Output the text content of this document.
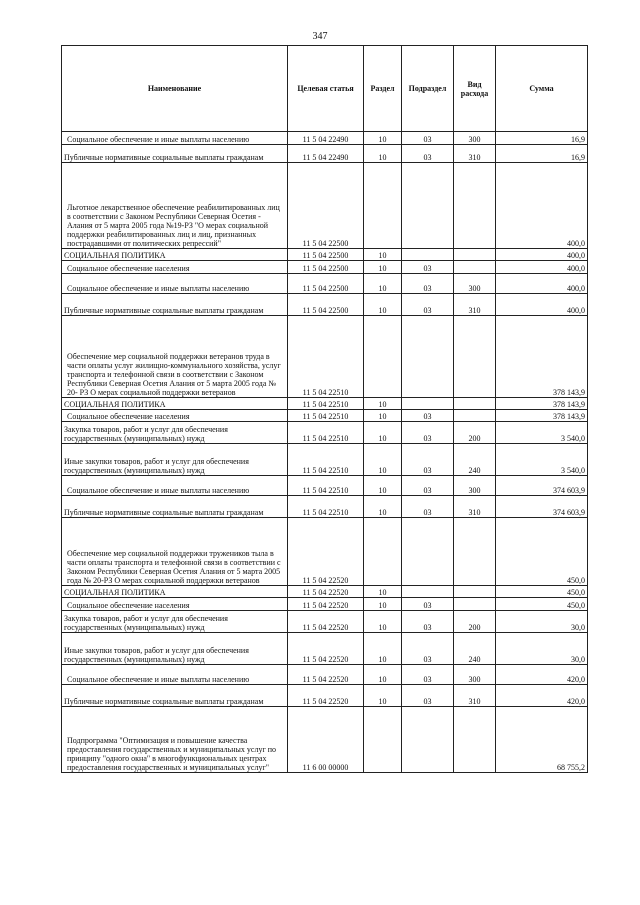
347
Наименование	Целевая статья	Раздел	Подраздел	Вид расхода	Сумма
Социальное обеспечение и иные выплаты населению	11 5 04 22490	10	03	300	16,9
Публичные нормативные социальные выплаты гражданам	11 5 04 22490	10	03	310	16,9
Льготное лекарственное обеспечение реабилитированных лиц в соответствии с Законом Республики Северная Осетия - Алания от 5 марта 2005 года №19-РЗ "О мерах социальной поддержки реабилитированных лиц и лиц, признанных пострадавшими от политических репрессий"	11 5 04 22500				400,0
СОЦИАЛЬНАЯ ПОЛИТИКА	11 5 04 22500	10			400,0
Социальное обеспечение населения	11 5 04 22500	10	03		400,0
Социальное обеспечение и иные выплаты населению	11 5 04 22500	10	03	300	400,0
Публичные нормативные социальные выплаты гражданам	11 5 04 22500	10	03	310	400,0
Обеспечение мер социальной поддержки ветеранов труда в части оплаты услуг жилищно-коммунального хозяйства, услуг транспорта и телефонной связи в соответствии с Законом Республики Северная Осетия Алания от 5 марта 2005 года № 20- РЗ О мерах социальной поддержки ветеранов	11 5 04 22510				378 143,9
СОЦИАЛЬНАЯ ПОЛИТИКА	11 5 04 22510	10			378 143,9
Социальное обеспечение населения	11 5 04 22510	10	03		378 143,9
Закупка товаров, работ и услуг для обеспечения государственных (муниципальных) нужд	11 5 04 22510	10	03	200	3 540,0
Иные закупки товаров, работ и услуг для обеспечения государственных (муниципальных) нужд	11 5 04 22510	10	03	240	3 540,0
Социальное обеспечение и иные выплаты населению	11 5 04 22510	10	03	300	374 603,9
Публичные нормативные социальные выплаты гражданам	11 5 04 22510	10	03	310	374 603,9
Обеспечение мер социальной поддержки тружеников тыла в части оплаты транспорта и телефонной связи в соответствии с Законом Республики Северная Осетия Алания от 5 марта 2005 года № 20-РЗ О мерах социальной поддержки ветеранов	11 5 04 22520				450,0
СОЦИАЛЬНАЯ ПОЛИТИКА	11 5 04 22520	10			450,0
Социальное обеспечение населения	11 5 04 22520	10	03		450,0
Закупка товаров, работ и услуг для обеспечения государственных (муниципальных) нужд	11 5 04 22520	10	03	200	30,0
Иные закупки товаров, работ и услуг для обеспечения государственных (муниципальных) нужд	11 5 04 22520	10	03	240	30,0
Социальное обеспечение и иные выплаты населению	11 5 04 22520	10	03	300	420,0
Публичные нормативные социальные выплаты гражданам	11 5 04 22520	10	03	310	420,0
Подпрограмма "Оптимизация и повышение качества предоставления государственных и муниципальных услуг по принципу "одного окна" в многофункциональных центрах предоставления государственных и муниципальных услуг"	11 6 00 00000				68 755,2
